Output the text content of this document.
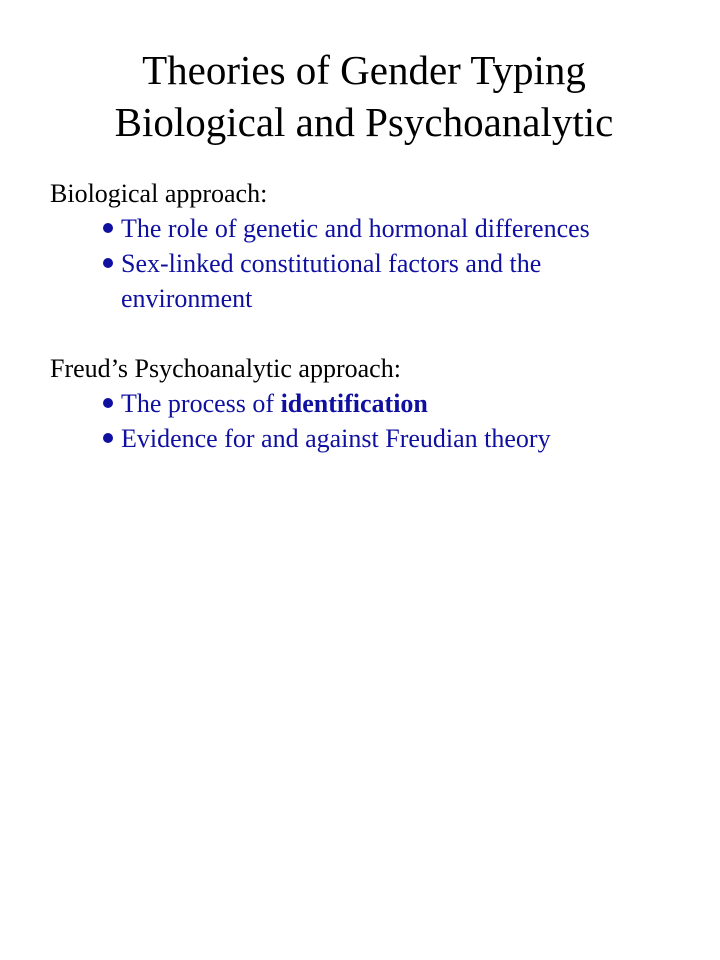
Theories of Gender Typing
Biological and Psychoanalytic

Biological approach:

The role of genetic and hormonal differences
Sex-linked constitutional factors and the environment

Freud’s Psychoanalytic approach:

The process of identification
Evidence for and against Freudian theory
